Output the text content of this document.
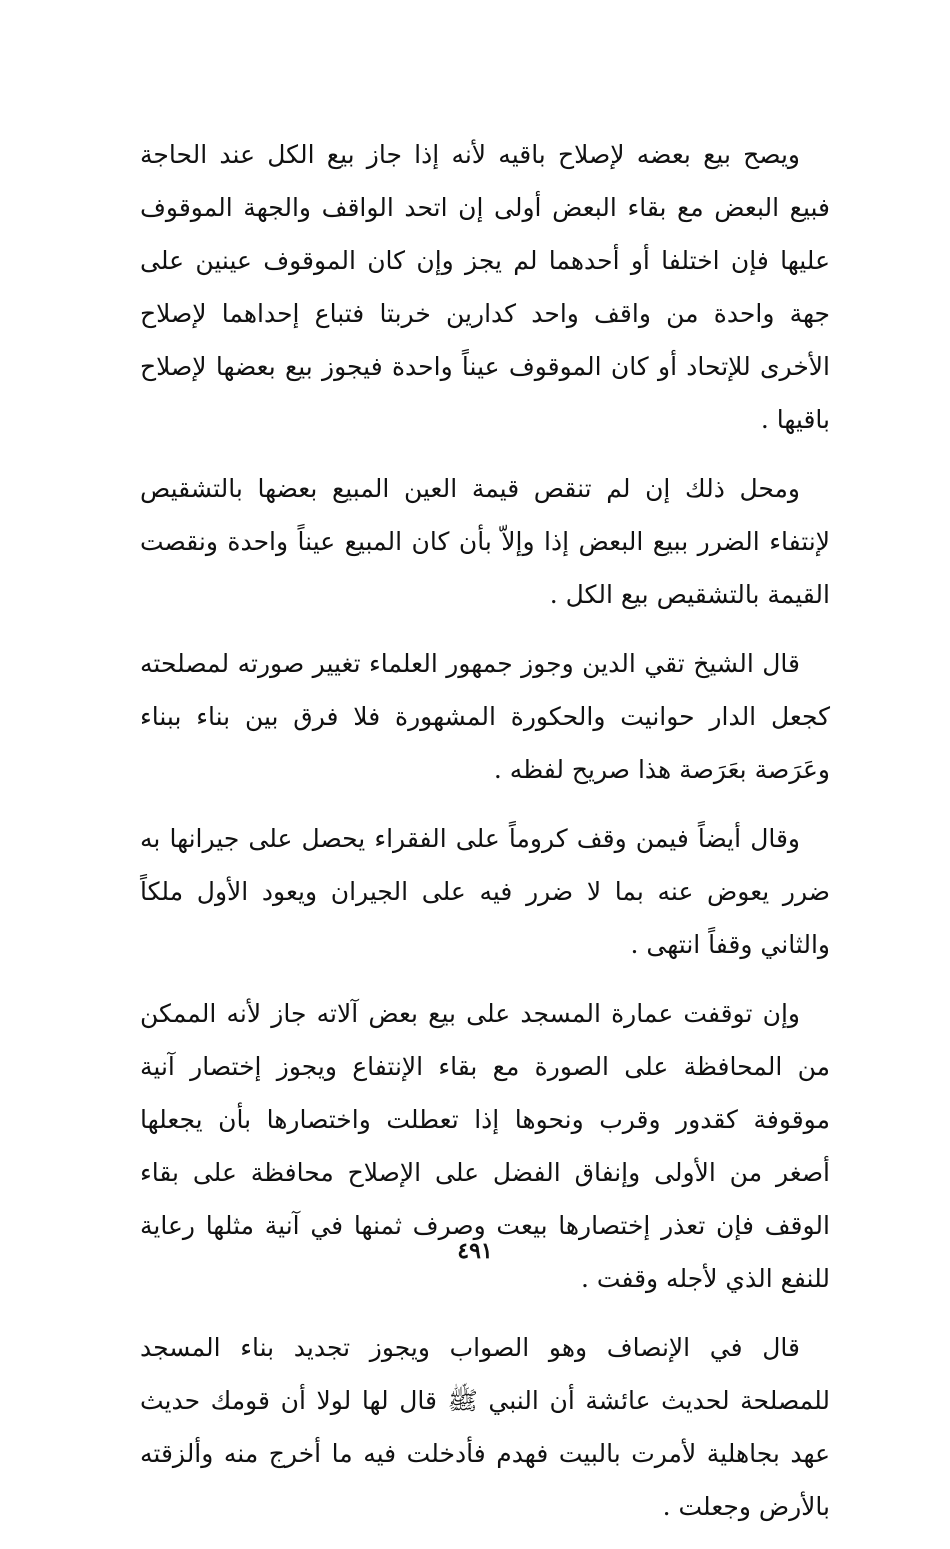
ويصح بيع بعضه لإصلاح باقيه لأنه إذا جاز بيع الكل عند الحاجة فبيع البعض مع بقاء البعض أولى إن اتحد الواقف والجهة الموقوف عليها فإن اختلفا أو أحدهما لم يجز وإن كان الموقوف عينين على جهة واحدة من واقف واحد كدارين خربتا فتباع إحداهما لإصلاح الأخرى للإتحاد أو كان الموقوف عيناً واحدة فيجوز بيع بعضها لإصلاح باقيها .

ومحل ذلك إن لم تنقص قيمة العين المبيع بعضها بالتشقيص لإنتفاء الضرر ببيع البعض إذا وإلاّ بأن كان المبيع عيناً واحدة ونقصت القيمة بالتشقيص بيع الكل .

قال الشيخ تقي الدين وجوز جمهور العلماء تغيير صورته لمصلحته كجعل الدار حوانيت والحكورة المشهورة فلا فرق بين بناء ببناء وعَرَصة بعَرَصة هذا صريح لفظه .

وقال أيضاً فيمن وقف كروماً على الفقراء يحصل على جيرانها به ضرر يعوض عنه بما لا ضرر فيه على الجيران ويعود الأول ملكاً والثاني وقفاً انتهى .

وإن توقفت عمارة المسجد على بيع بعض آلاته جاز لأنه الممكن من المحافظة على الصورة مع بقاء الإنتفاع ويجوز إختصار آنية موقوفة كقدور وقرب ونحوها إذا تعطلت واختصارها بأن يجعلها أصغر من الأولى وإنفاق الفضل على الإصلاح محافظة على بقاء الوقف فإن تعذر إختصارها بيعت وصرف ثمنها في آنية مثلها رعاية للنفع الذي لأجله وقفت .

قال في الإنصاف وهو الصواب ويجوز تجديد بناء المسجد للمصلحة لحديث عائشة أن النبي ﷺ قال لها لولا أن قومك حديث عهد بجاهلية لأمرت بالبيت فهدم فأدخلت فيه ما أخرج منه وألزقته بالأرض وجعلت .

٤٩١
